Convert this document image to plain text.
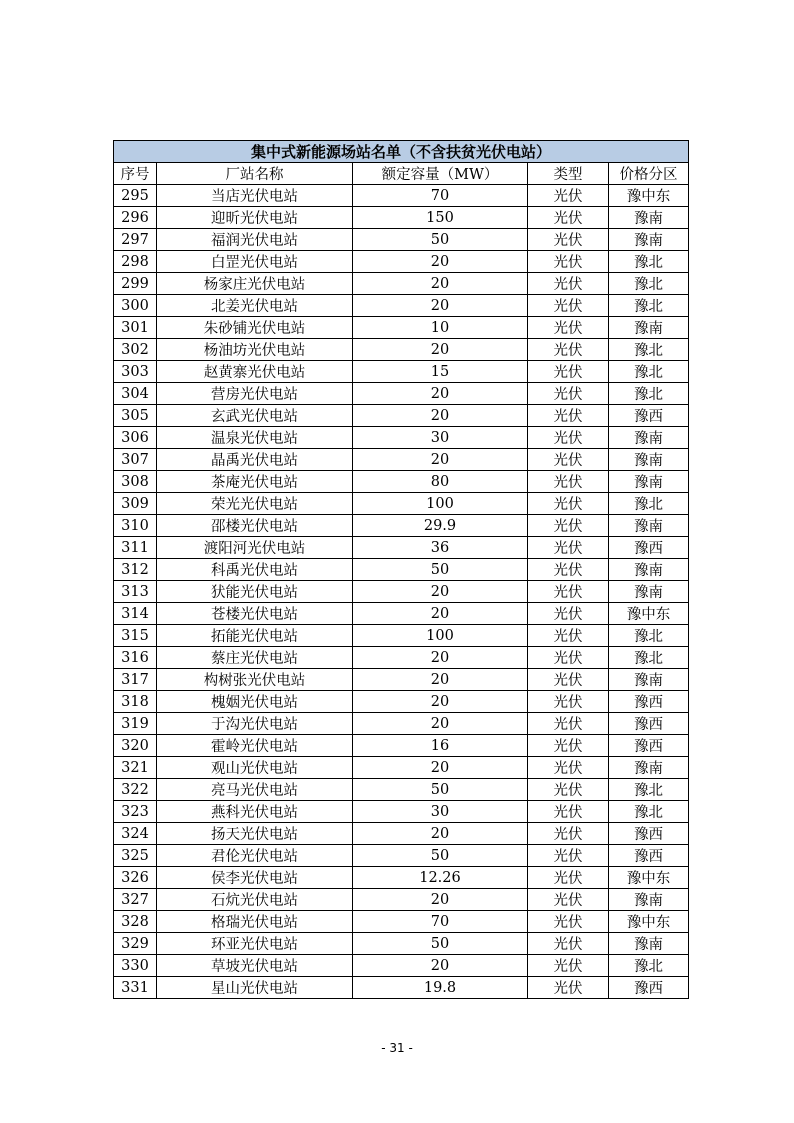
集中式新能源场站名单（不含扶贫光伏电站）				
序号	厂站名称	额定容量（MW）	类型	价格分区
295	当店光伏电站	70	光伏	豫中东
296	迎昕光伏电站	150	光伏	豫南
297	福润光伏电站	50	光伏	豫南
298	白罡光伏电站	20	光伏	豫北
299	杨家庄光伏电站	20	光伏	豫北
300	北姜光伏电站	20	光伏	豫北
301	朱砂铺光伏电站	10	光伏	豫南
302	杨油坊光伏电站	20	光伏	豫北
303	赵黄寨光伏电站	15	光伏	豫北
304	营房光伏电站	20	光伏	豫北
305	玄武光伏电站	20	光伏	豫西
306	温泉光伏电站	30	光伏	豫南
307	晶禹光伏电站	20	光伏	豫南
308	茶庵光伏电站	80	光伏	豫南
309	荣光光伏电站	100	光伏	豫北
310	邵楼光伏电站	29.9	光伏	豫南
311	渡阳河光伏电站	36	光伏	豫西
312	科禹光伏电站	50	光伏	豫南
313	犾能光伏电站	20	光伏	豫南
314	苍楼光伏电站	20	光伏	豫中东
315	拓能光伏电站	100	光伏	豫北
316	蔡庄光伏电站	20	光伏	豫北
317	构树张光伏电站	20	光伏	豫南
318	槐姻光伏电站	20	光伏	豫西
319	于沟光伏电站	20	光伏	豫西
320	霍岭光伏电站	16	光伏	豫西
321	观山光伏电站	20	光伏	豫南
322	亮马光伏电站	50	光伏	豫北
323	燕科光伏电站	30	光伏	豫北
324	扬天光伏电站	20	光伏	豫西
325	君伦光伏电站	50	光伏	豫西
326	侯李光伏电站	12.26	光伏	豫中东
327	石炕光伏电站	20	光伏	豫南
328	格瑞光伏电站	70	光伏	豫中东
329	环亚光伏电站	50	光伏	豫南
330	草坡光伏电站	20	光伏	豫北
331	星山光伏电站	19.8	光伏	豫西
- 31 -
